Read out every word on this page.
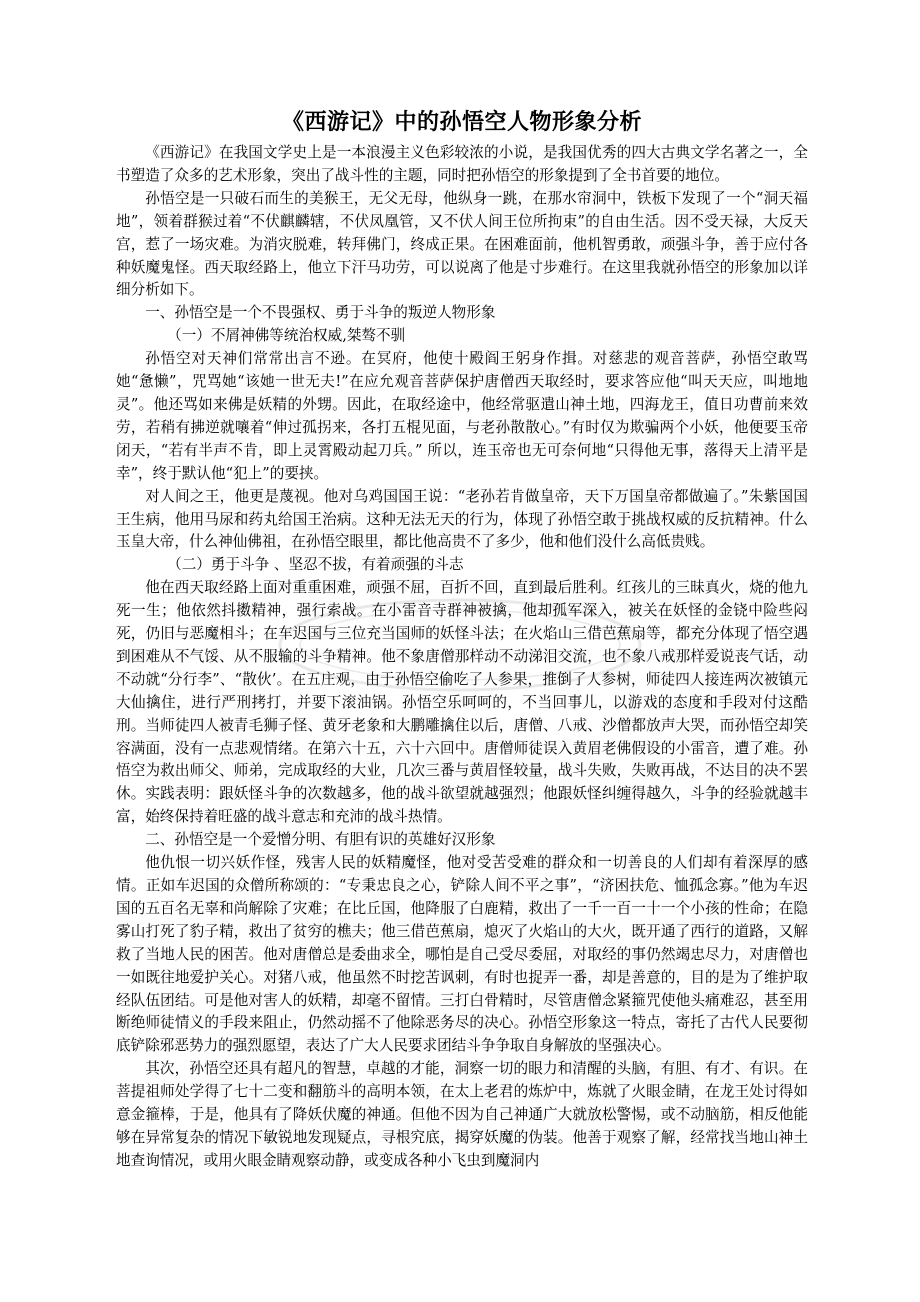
《西游记》中的孙悟空人物形象分析

《西游记》在我国文学史上是一本浪漫主义色彩较浓的小说，是我国优秀的四大古典文学名著之一，全书塑造了众多的艺术形象，突出了战斗性的主题，同时把孙悟空的形象提到了全书首要的地位。

孙悟空是一只破石而生的美猴王，无父无母，他纵身一跳，在那水帘洞中，铁板下发现了一个“洞天福地”，领着群猴过着“不伏麒麟辖，不伏凤凰管，又不伏人间王位所拘束”的自由生活。因不受天禄，大反天宫，惹了一场灾难。为消灾脱难，转拜佛门，终成正果。在困难面前，他机智勇敢，顽强斗争，善于应付各种妖魔鬼怪。西天取经路上，他立下汗马功劳，可以说离了他是寸步难行。在这里我就孙悟空的形象加以详细分析如下。

一、孙悟空是一个不畏强权、勇于斗争的叛逆人物形象

（一）不屑神佛等统治权威,桀骜不驯

孙悟空对天神们常常出言不逊。在冥府，他使十殿阎王躬身作揖。对慈悲的观音菩萨，孙悟空敢骂她“惫懒”，咒骂她“该她一世无夫!”在应允观音菩萨保护唐僧西天取经时，要求答应他“叫天天应，叫地地灵”。他还骂如来佛是妖精的外甥。因此，在取经途中，他经常驱遣山神土地，四海龙王，值日功曹前来效劳，若稍有拂逆就嚷着“伸过孤拐来，各打五棍见面，与老孙散散心。”有时仅为欺骗两个小妖，他便要玉帝闭天，“若有半声不肯，即上灵霄殿动起刀兵。” 所以，连玉帝也无可奈何地“只得他无事，落得天上清平是幸”，终于默认他“犯上”的要挟。

对人间之王，他更是蔑视。他对乌鸡国国王说：“老孙若肯做皇帝，天下万国皇帝都做遍了。”朱紫国国王生病，他用马尿和药丸给国王治病。这种无法无天的行为，体现了孙悟空敢于挑战权威的反抗精神。什么玉皇大帝，什么神仙佛祖，在孙悟空眼里，都比他高贵不了多少，他和他们没什么高低贵贱。

（二）勇于斗争 、坚忍不拔，有着顽强的斗志

他在西天取经路上面对重重困难，顽强不屈，百折不回，直到最后胜利。红孩儿的三昧真火，烧的他九死一生；他依然抖擞精神，强行索战。在小雷音寺群神被擒，他却孤军深入，被关在妖怪的金铙中险些闷死，仍旧与恶魔相斗；在车迟国与三位充当国师的妖怪斗法；在火焰山三借芭蕉扇等，都充分体现了悟空遇到困难从不气馁、从不服输的斗争精神。他不象唐僧那样动不动涕泪交流，也不象八戒那样爱说丧气话，动不动就“分行李”、“散伙’。在五庄观，由于孙悟空偷吃了人参果，推倒了人参树，师徒四人接连两次被镇元大仙擒住，进行严刑拷打，并要下滚油锅。孙悟空乐呵呵的，不当回事儿，以游戏的态度和手段对付这酷刑。当师徒四人被青毛狮子怪、黄牙老象和大鹏雕擒住以后，唐僧、八戒、沙僧都放声大哭，而孙悟空却笑容满面，没有一点悲观情绪。在第六十五，六十六回中。唐僧师徒误入黄眉老佛假设的小雷音，遭了难。孙悟空为救出师父、师弟，完成取经的大业，几次三番与黄眉怪较量，战斗失败，失败再战，不达目的决不罢休。实践表明：跟妖怪斗争的次数越多，他的战斗欲望就越强烈；他跟妖怪纠缠得越久，斗争的经验就越丰富，始终保持着旺盛的战斗意志和充沛的战斗热情。

二、孙悟空是一个爱憎分明、有胆有识的英雄好汉形象

他仇恨一切兴妖作怪，残害人民的妖精魔怪，他对受苦受难的群众和一切善良的人们却有着深厚的感情。正如车迟国的众僧所称颂的：“专秉忠良之心，铲除人间不平之事”，“济困扶危、恤孤念寡。”他为车迟国的五百名无辜和尚解除了灾难；在比丘国，他降服了白鹿精，救出了一千一百一十一个小孩的性命；在隐雾山打死了豹子精，救出了贫穷的樵夫；他三借芭蕉扇，熄灭了火焰山的大火，既开通了西行的道路，又解救了当地人民的困苦。他对唐僧总是委曲求全，哪怕是自己受尽委屈，对取经的事仍然竭忠尽力，对唐僧也一如既往地爱护关心。对猪八戒，他虽然不时挖苦讽刺，有时也捉弄一番，却是善意的，目的是为了维护取经队伍团结。可是他对害人的妖精，却毫不留情。三打白骨精时，尽管唐僧念紧箍咒使他头痛难忍，甚至用断绝师徒情义的手段来阻止，仍然动摇不了他除恶务尽的决心。孙悟空形象这一特点，寄托了古代人民要彻底铲除邪恶势力的强烈愿望，表达了广大人民要求团结斗争争取自身解放的坚强决心。

其次，孙悟空还具有超凡的智慧，卓越的才能，洞察一切的眼力和清醒的头脑，有胆、有才、有识。在菩提祖师处学得了七十二变和翻筋斗的高明本领，在太上老君的炼炉中，炼就了火眼金睛，在龙王处讨得如意金箍棒，于是，他具有了降妖伏魔的神通。但他不因为自己神通广大就放松警惕，或不动脑筋，相反他能够在异常复杂的情况下敏锐地发现疑点，寻根究底，揭穿妖魔的伪装。他善于观察了解，经常找当地山神土地查询情况，或用火眼金睛观察动静，或变成各种小飞虫到魔洞内
